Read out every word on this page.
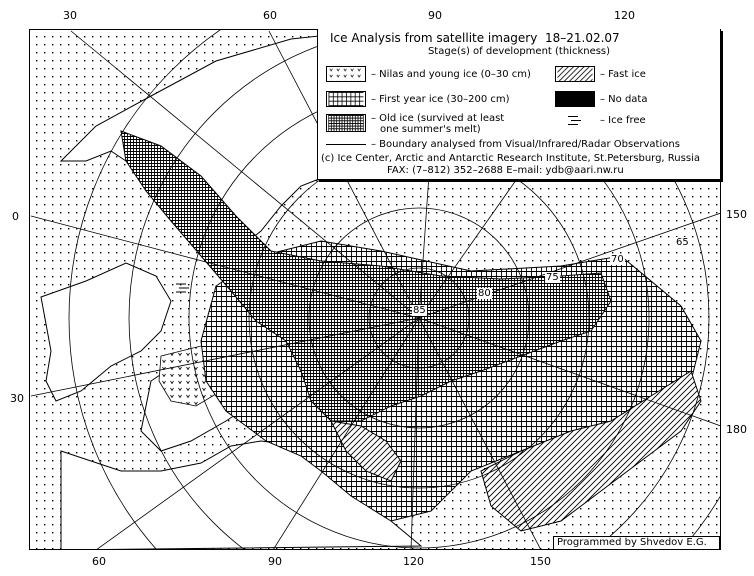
30	60	90	120
60	90	120	150
0
30
150
180
85
80
75
70
65
Ice Analysis from satellite imagery 18–21.02.07
Stage(s) of development (thickness)
– Nilas and young ice (0–30 cm)	– Fast ice
– First year ice (30–200 cm)	– No data
– Old ice (survived at least
one summer's melt)
– Ice free
– Boundary analysed from Visual/Infrared/Radar Observations
(c) Ice Center, Arctic and Antarctic Research Institute, St.Petersburg, Russia
FAX: (7–812) 352–2688 E–mail: ydb@aari.nw.ru
Programmed by Shvedov E.G.
